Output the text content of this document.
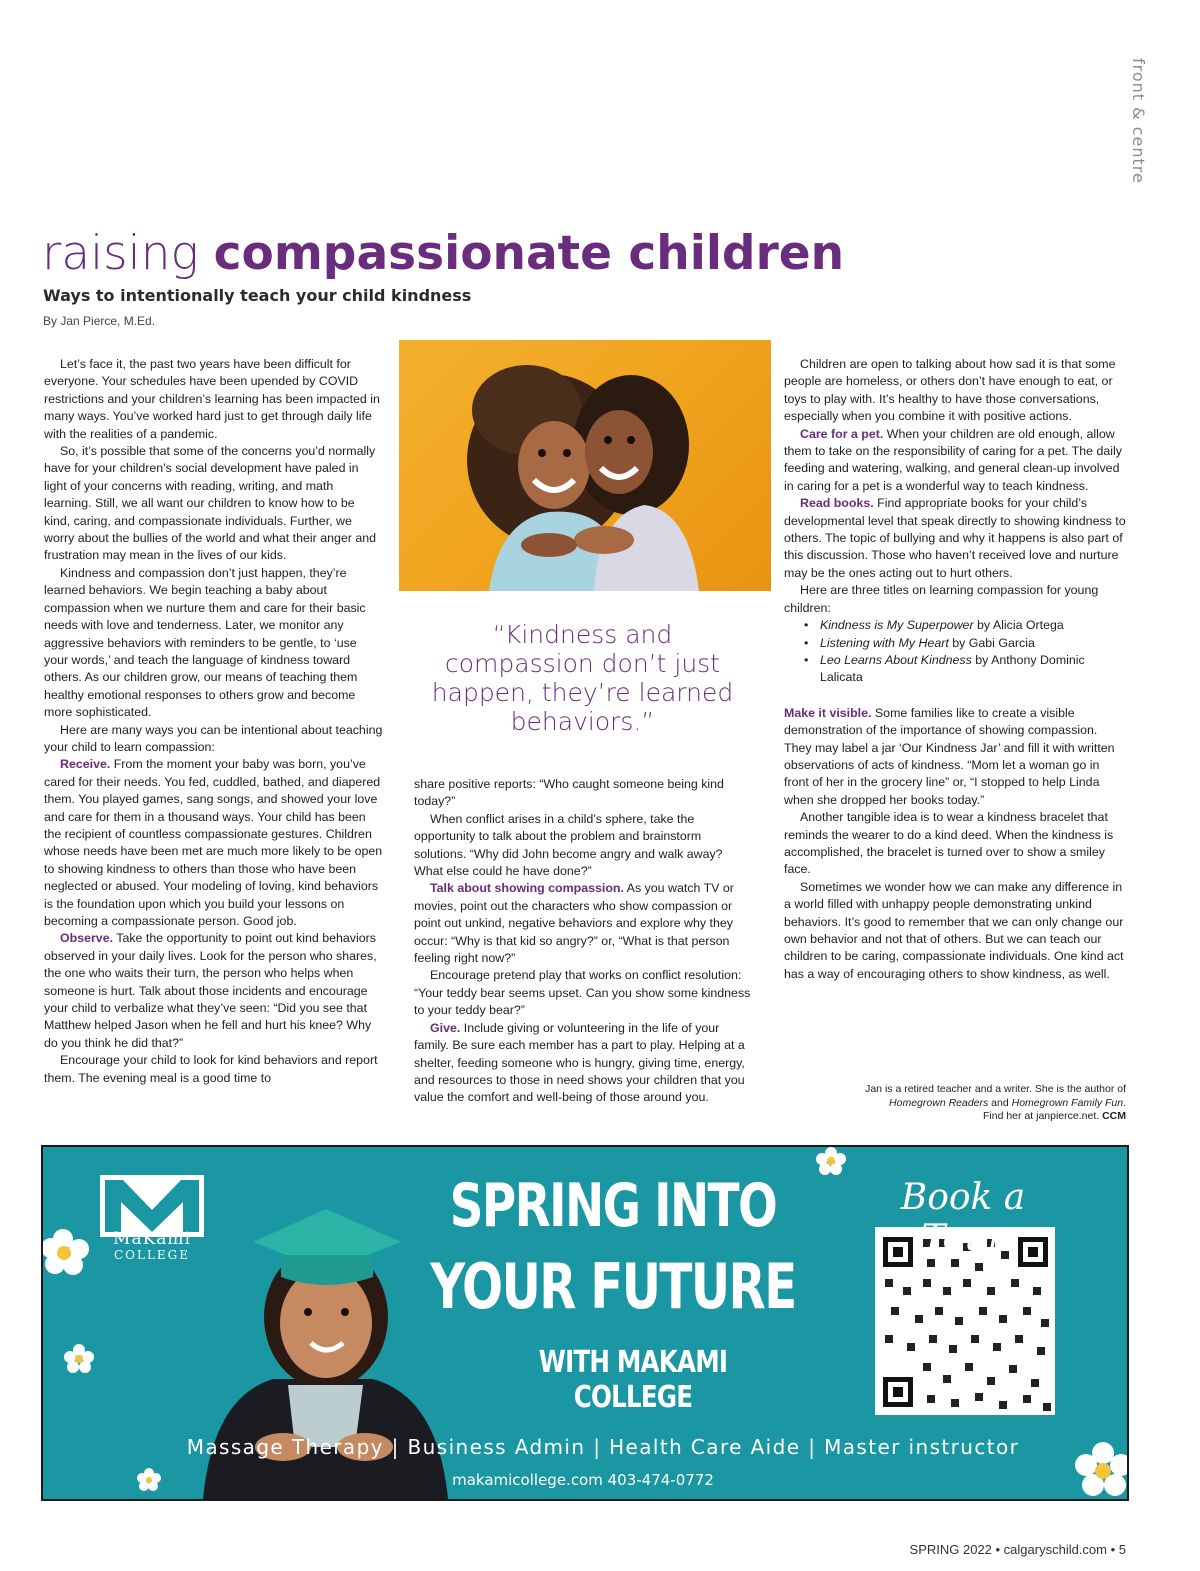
front & centre
raising compassionate children
Ways to intentionally teach your child kindness
By Jan Pierce, M.Ed.

Let’s face it, the past two years have been difficult for everyone. Your schedules have been upended by COVID restrictions and your children’s learning has been impacted in many ways. You’ve worked hard just to get through daily life with the realities of a pandemic.

So, it’s possible that some of the concerns you’d normally have for your children’s social development have paled in light of your concerns with reading, writing, and math learning. Still, we all want our children to know how to be kind, caring, and compassionate individuals. Further, we worry about the bullies of the world and what their anger and frustration may mean in the lives of our kids.

Kindness and compassion don’t just happen, they’re learned behaviors. We begin teaching a baby about compassion when we nurture them and care for their basic needs with love and tenderness. Later, we monitor any aggressive behaviors with reminders to be gentle, to ‘use your words,’ and teach the language of kindness toward others. As our children grow, our means of teaching them healthy emotional responses to others grow and become more sophisticated.

Here are many ways you can be intentional about teaching your child to learn compassion:

Receive. From the moment your baby was born, you’ve cared for their needs. You fed, cuddled, bathed, and diapered them. You played games, sang songs, and showed your love and care for them in a thousand ways. Your child has been the recipient of countless compassionate gestures. Children whose needs have been met are much more likely to be open to showing kindness to others than those who have been neglected or abused. Your modeling of loving, kind behaviors is the foundation upon which you build your lessons on becoming a compassionate person. Good job.

Observe. Take the opportunity to point out kind behaviors observed in your daily lives. Look for the person who shares, the one who waits their turn, the person who helps when someone is hurt. Talk about those incidents and encourage your child to verbalize what they’ve seen: “Did you see that Matthew helped Jason when he fell and hurt his knee? Why do you think he did that?”

Encourage your child to look for kind behaviors and report them. The evening meal is a good time to

“Kindness and compassion don’t just happen, they’re learned behaviors.”

share positive reports: “Who caught someone being kind today?”

When conflict arises in a child’s sphere, take the opportunity to talk about the problem and brainstorm solutions. “Why did John become angry and walk away? What else could he have done?”

Talk about showing compassion. As you watch TV or movies, point out the characters who show compassion or point out unkind, negative behaviors and explore why they occur: “Why is that kid so angry?” or, “What is that person feeling right now?”

Encourage pretend play that works on conflict resolution: “Your teddy bear seems upset. Can you show some kindness to your teddy bear?”

Give. Include giving or volunteering in the life of your family. Be sure each member has a part to play. Helping at a shelter, feeding someone who is hungry, giving time, energy, and resources to those in need shows your children that you value the comfort and well-being of those around you.

Children are open to talking about how sad it is that some people are homeless, or others don’t have enough to eat, or toys to play with. It’s healthy to have those conversations, especially when you combine it with positive actions.

Care for a pet. When your children are old enough, allow them to take on the responsibility of caring for a pet. The daily feeding and watering, walking, and general clean-up involved in caring for a pet is a wonderful way to teach kindness.

Read books. Find appropriate books for your child’s developmental level that speak directly to showing kindness to others. The topic of bullying and why it happens is also part of this discussion. Those who haven’t received love and nurture may be the ones acting out to hurt others.

Here are three titles on learning compassion for young children:

• Kindness is My Superpower by Alicia Ortega
• Listening with My Heart by Gabi Garcia
• Leo Learns About Kindness by Anthony Dominic Lalicata

Make it visible. Some families like to create a visible demonstration of the importance of showing compassion. They may label a jar ‘Our Kindness Jar’ and fill it with written observations of acts of kindness. “Mom let a woman go in front of her in the grocery line” or, “I stopped to help Linda when she dropped her books today.”

Another tangible idea is to wear a kindness bracelet that reminds the wearer to do a kind deed. When the kindness is accomplished, the bracelet is turned over to show a smiley face.

Sometimes we wonder how we can make any difference in a world filled with unhappy people demonstrating unkind behaviors. It’s good to remember that we can only change our own behavior and not that of others. But we can teach our children to be caring, compassionate individuals. One kind act has a way of encouraging others to show kindness, as well.

Jan is a retired teacher and a writer. She is the author of
Homegrown Readers and Homegrown Family Fun.
Find her at janpierce.net. CCM
MaKami
COLLEGE
SPRING INTO
YOUR FUTURE
WITH MAKAMI COLLEGE
Book a Tour
Massage Therapy | Business Admin | Health Care Aide | Master instructor
makamicollege.com 403-474-0772
SPRING 2022 • calgaryschild.com • 5
